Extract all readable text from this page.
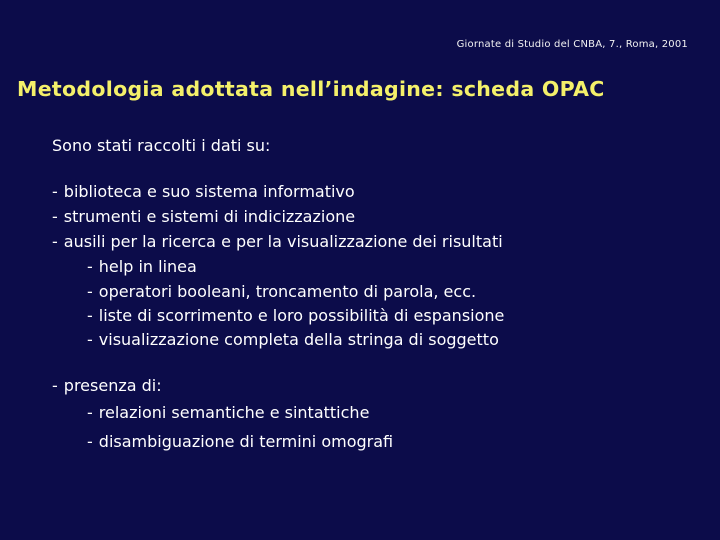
Giornate di Studio del CNBA, 7., Roma, 2001
Metodologia adottata nell’indagine: scheda OPAC
Sono stati raccolti i dati su:
- biblioteca e suo sistema informativo
- strumenti e sistemi di indicizzazione
- ausili per la ricerca e per la visualizzazione dei risultati
- help in linea
- operatori booleani, troncamento di parola, ecc.
- liste di scorrimento e loro possibilità di espansione
- visualizzazione completa della stringa di soggetto
- presenza di:
- relazioni semantiche e sintattiche
- disambiguazione di termini omografi
